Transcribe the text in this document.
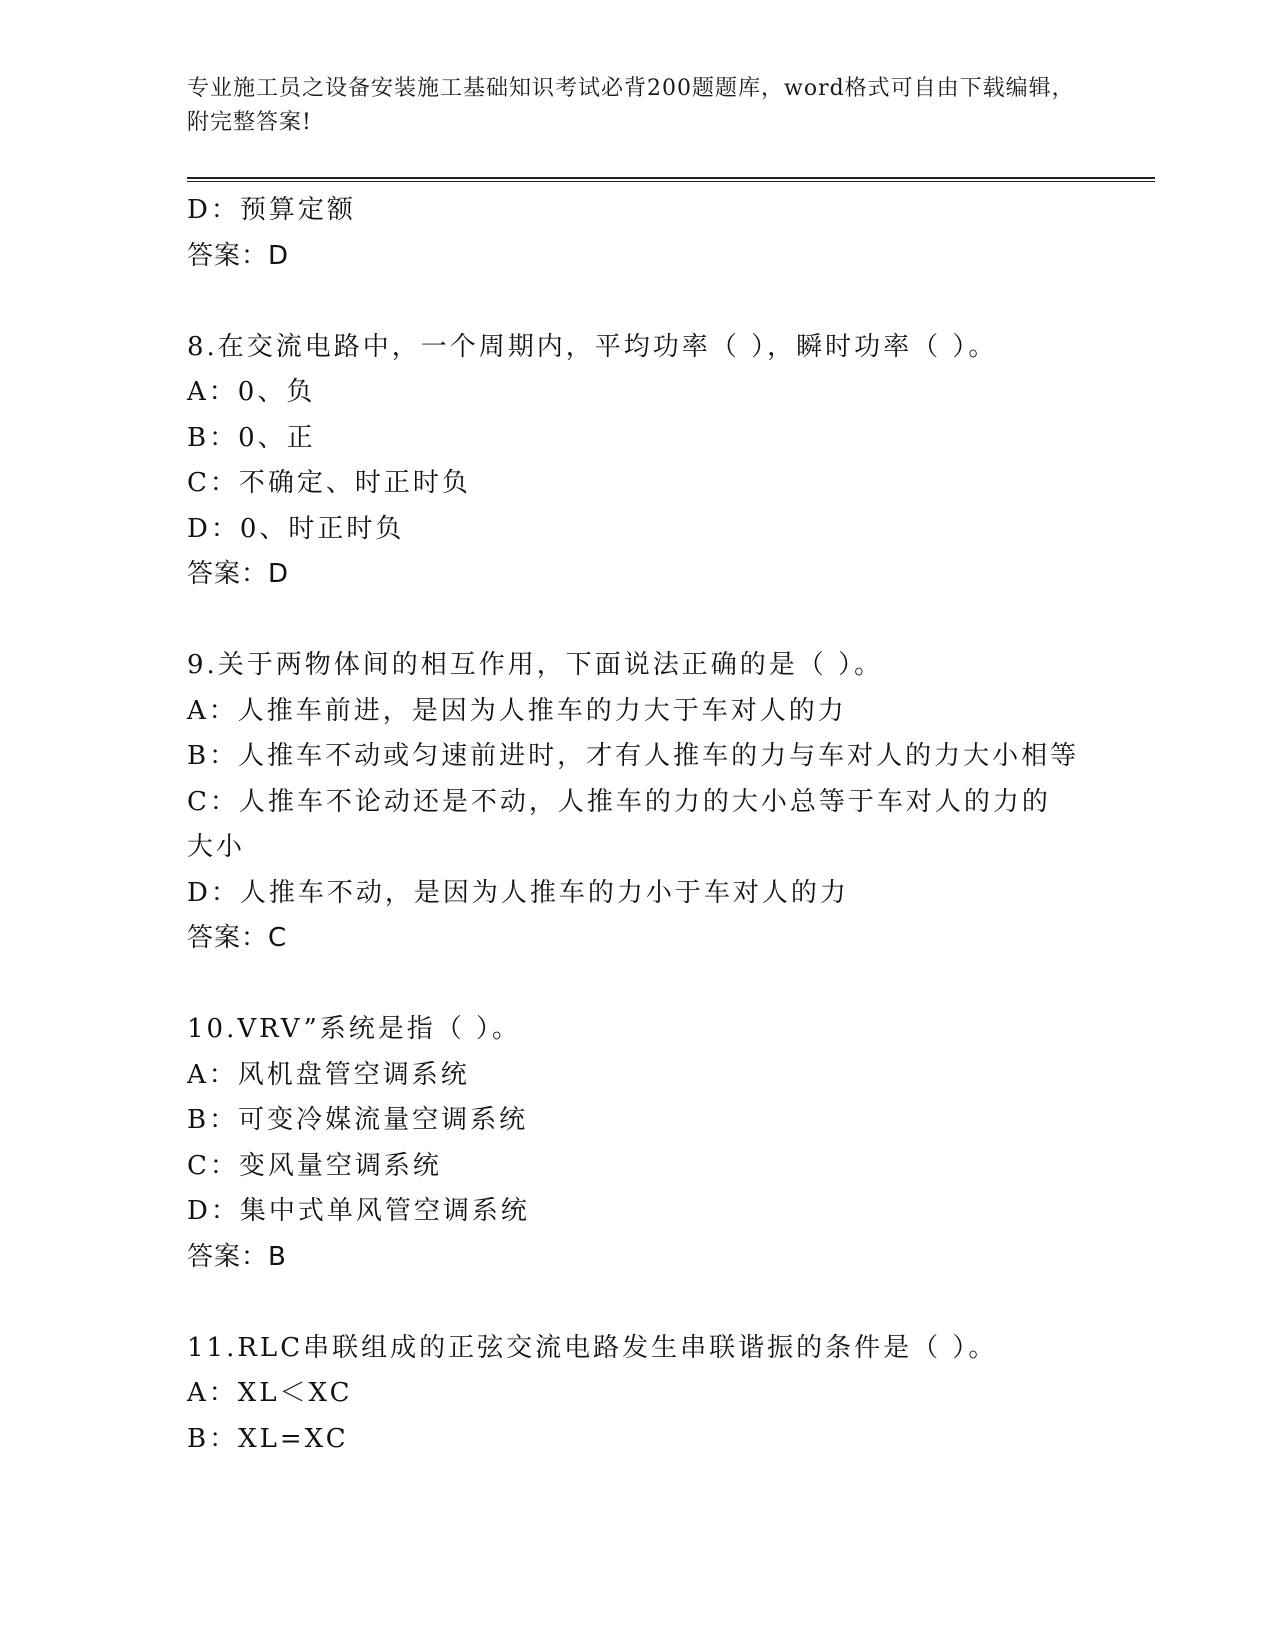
专业施工员之设备安装施工基础知识考试必背200题题库，word格式可自由下载编辑，附完整答案!
D：预算定额
答案：D
8.在交流电路中，一个周期内，平均功率（ ），瞬时功率（ ）。
A：0、负
B：0、正
C：不确定、时正时负
D：0、时正时负
答案：D
9.关于两物体间的相互作用，下面说法正确的是（ ）。
A：人推车前进，是因为人推车的力大于车对人的力
B：人推车不动或匀速前进时，才有人推车的力与车对人的力大小相等
C：人推车不论动还是不动，人推车的力的大小总等于车对人的力的大小
D：人推车不动，是因为人推车的力小于车对人的力
答案：C
10.VRV”系统是指（ ）。
A：风机盘管空调系统
B：可变冷媒流量空调系统
C：变风量空调系统
D：集中式单风管空调系统
答案：B
11.RLC串联组成的正弦交流电路发生串联谐振的条件是（ ）。
A：XL＜XC
B：XL=XC
